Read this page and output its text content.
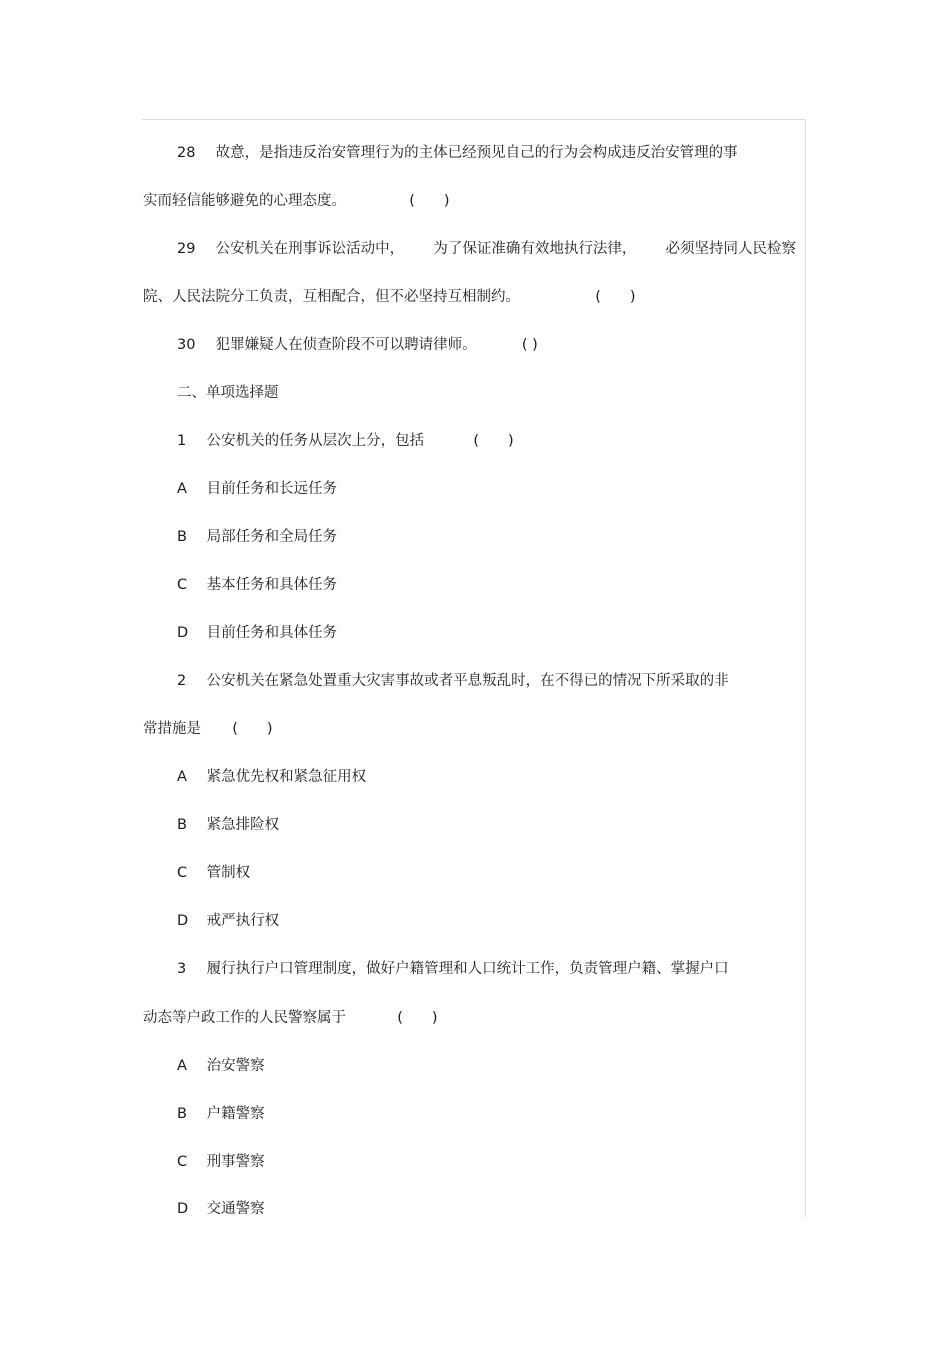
28 故意，是指违反治安管理行为的主体已经预见自己的行为会构成违反治安管理的事
实而轻信能够避免的心理态度。	(　　)
29 公安机关在刑事诉讼活动中， 为了保证准确有效地执行法律， 必须坚持同人民检察
院、人民法院分工负责，互相配合，但不必坚持互相制约。	(　　)
30 犯罪嫌疑人在侦查阶段不可以聘请律师。	( )
二、单项选择题
1 公安机关的任务从层次上分，包括	(　　)
A 目前任务和长远任务
B 局部任务和全局任务
C 基本任务和具体任务
D 目前任务和具体任务
2 公安机关在紧急处置重大灾害事故或者平息叛乱时，在不得已的情况下所采取的非
常措施是 (　　)
A 紧急优先权和紧急征用权
B 紧急排险权
C 管制权
D 戒严执行权
3 履行执行户口管理制度，做好户籍管理和人口统计工作，负责管理户籍、掌握户口
动态等户政工作的人民警察属于	(　　)
A 治安警察
B 户籍警察
C 刑事警察
D 交通警察
